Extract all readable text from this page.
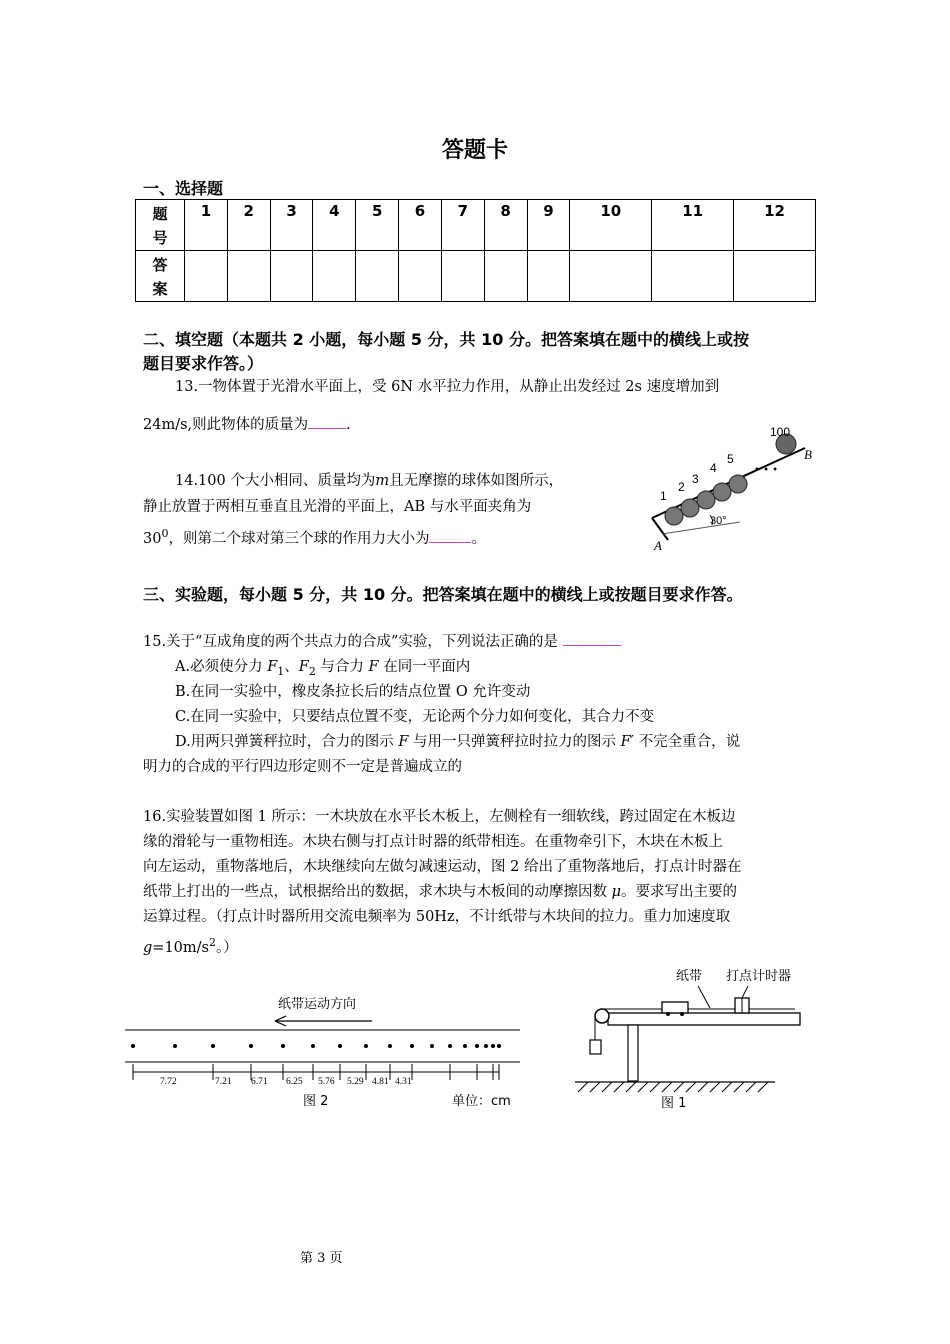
答题卡
一、选择题
题
号	1	2	3	4	5	6	7	8	9	10	11	12
答
案												
二、填空题（本题共 2 小题，每小题 5 分，共 10 分。把答案填在题中的横线上或按
题目要求作答。）
13.一物体置于光滑水平面上，受 6N 水平拉力作用，从静止出发经过 2s 速度增加到
24m/s,则此物体的质量为	.
14.100 个大小相同、质量均为m且无摩擦的球体如图所示，
静止放置于两相互垂直且光滑的平面上，AB 与水平面夹角为
$30^0$，则第二个球对第三个球的作用力大小为	。
• • •
1
2
3
4
5
100
B
A
30°
三、实验题，每小题 5 分，共 10 分。把答案填在题中的横线上或按题目要求作答。
15.关于“互成角度的两个共点力的合成”实验，下列说法正确的是
A.必须使分力 $F_1$、$F_2$ 与合力 F 在同一平面内
B.在同一实验中，橡皮条拉长后的结点位置 O 允许变动
C.在同一实验中，只要结点位置不变，无论两个分力如何变化，其合力不变
D.用两只弹簧秤拉时，合力的图示 F 与用一只弹簧秤拉时拉力的图示 F′ 不完全重合，说
明力的合成的平行四边形定则不一定是普遍成立的
16.实验装置如图 1 所示：一木块放在水平长木板上，左侧栓有一细软线，跨过固定在木板边
缘的滑轮与一重物相连。木块右侧与打点计时器的纸带相连。在重物牵引下，木块在木板上
向左运动，重物落地后，木块继续向左做匀减速运动，图 2 给出了重物落地后，打点计时器在
纸带上打出的一些点，试根据给出的数据，求木块与木板间的动摩擦因数 μ。要求写出主要的
运算过程。（打点计时器所用交流电频率为 50Hz，不计纸带与木块间的拉力。重力加速度取
$g=10m/s^2$。）
纸带运动方向
7.72	7.21 6.71 6.25 5.76 5.29 4.81 4.31
图 2	单位：cm
纸带 打点计时器
图 1
第 3 页
